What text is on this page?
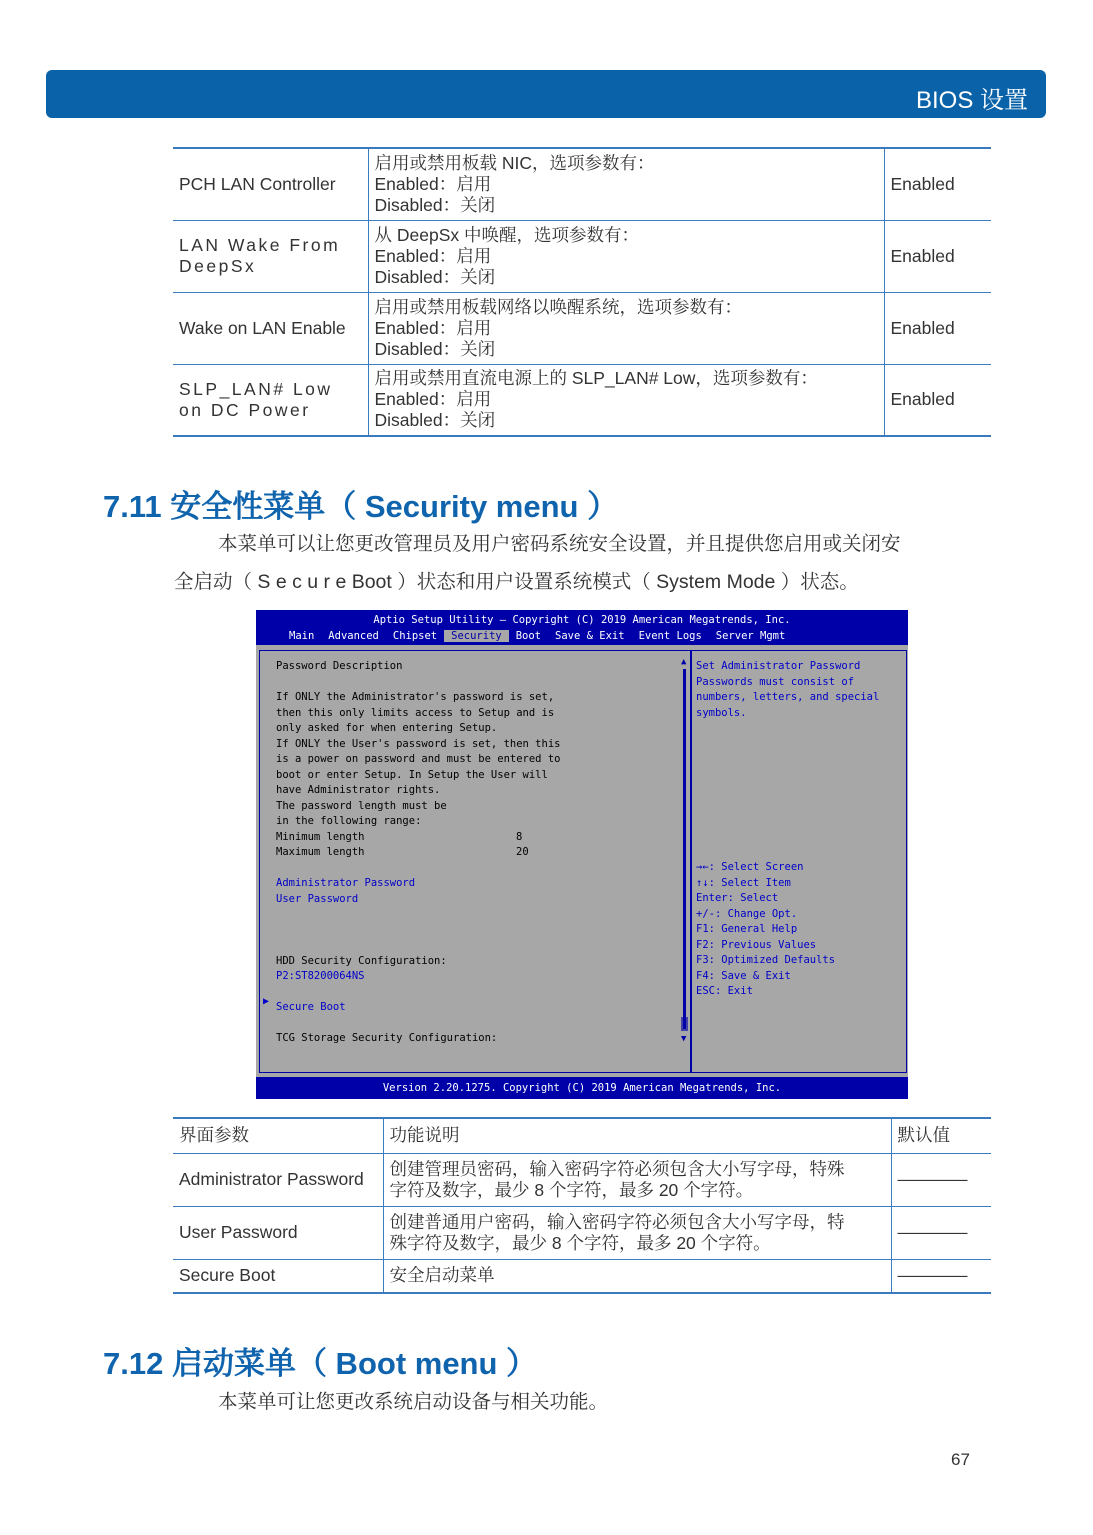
BIOS 设置
PCH LAN Controller	启用或禁用板载 NIC，选项参数有：
Enabled：启用
Disabled：关闭	Enabled
LAN Wake From DeepSx	从 DeepSx 中唤醒，选项参数有：
Enabled：启用
Disabled：关闭	Enabled
Wake on LAN Enable	启用或禁用板载网络以唤醒系统，选项参数有：
Enabled：启用
Disabled：关闭	Enabled
SLP_LAN# Low on DC Power	启用或禁用直流电源上的 SLP_LAN# Low，选项参数有：
Enabled：启用
Disabled：关闭	Enabled
7.11 安全性菜单（ Security menu ）
本菜单可以让您更改管理员及用户密码系统安全设置，并且提供您启用或关闭安
全启动（ S e c u r e Boot ）状态和用户设置系统模式（ System Mode ）状态。
Aptio Setup Utility – Copyright (C) 2019 American Megatrends, Inc.
Main	Advanced	Chipset	Security	Boot	Save & Exit	Event Logs	Server Mgmt
Password Description
If ONLY the Administrator's password is set,
then this only limits access to Setup and is
only asked for when entering Setup.
If ONLY the User's password is set, then this
is a power on password and must be entered to
boot or enter Setup. In Setup the User will
have Administrator rights.
The password length must be
in the following range:
Minimum length	8
Maximum length	20
Administrator Password
User Password
HDD Security Configuration:
P2:ST8200064NS
Secure Boot
TCG Storage Security Configuration:
▶
▲
▼
Set Administrator Password
Passwords must consist of
numbers, letters, and special
symbols.
→←: Select Screen
↑↓: Select Item
Enter: Select
+/-: Change Opt.
F1: General Help
F2: Previous Values
F3: Optimized Defaults
F4: Save & Exit
ESC: Exit
Version 2.20.1275. Copyright (C) 2019 American Megatrends, Inc.
界面参数	功能说明	默认值
Administrator Password	创建管理员密码，输入密码字符必须包含大小写字母，特殊
字符及数字，最少 8 个字符，最多 20 个字符。	————
User Password	创建普通用户密码，输入密码字符必须包含大小写字母，特
殊字符及数字，最少 8 个字符，最多 20 个字符。	————
Secure Boot	安全启动菜单	————
7.12 启动菜单（ Boot menu ）
本菜单可让您更改系统启动设备与相关功能。
67
